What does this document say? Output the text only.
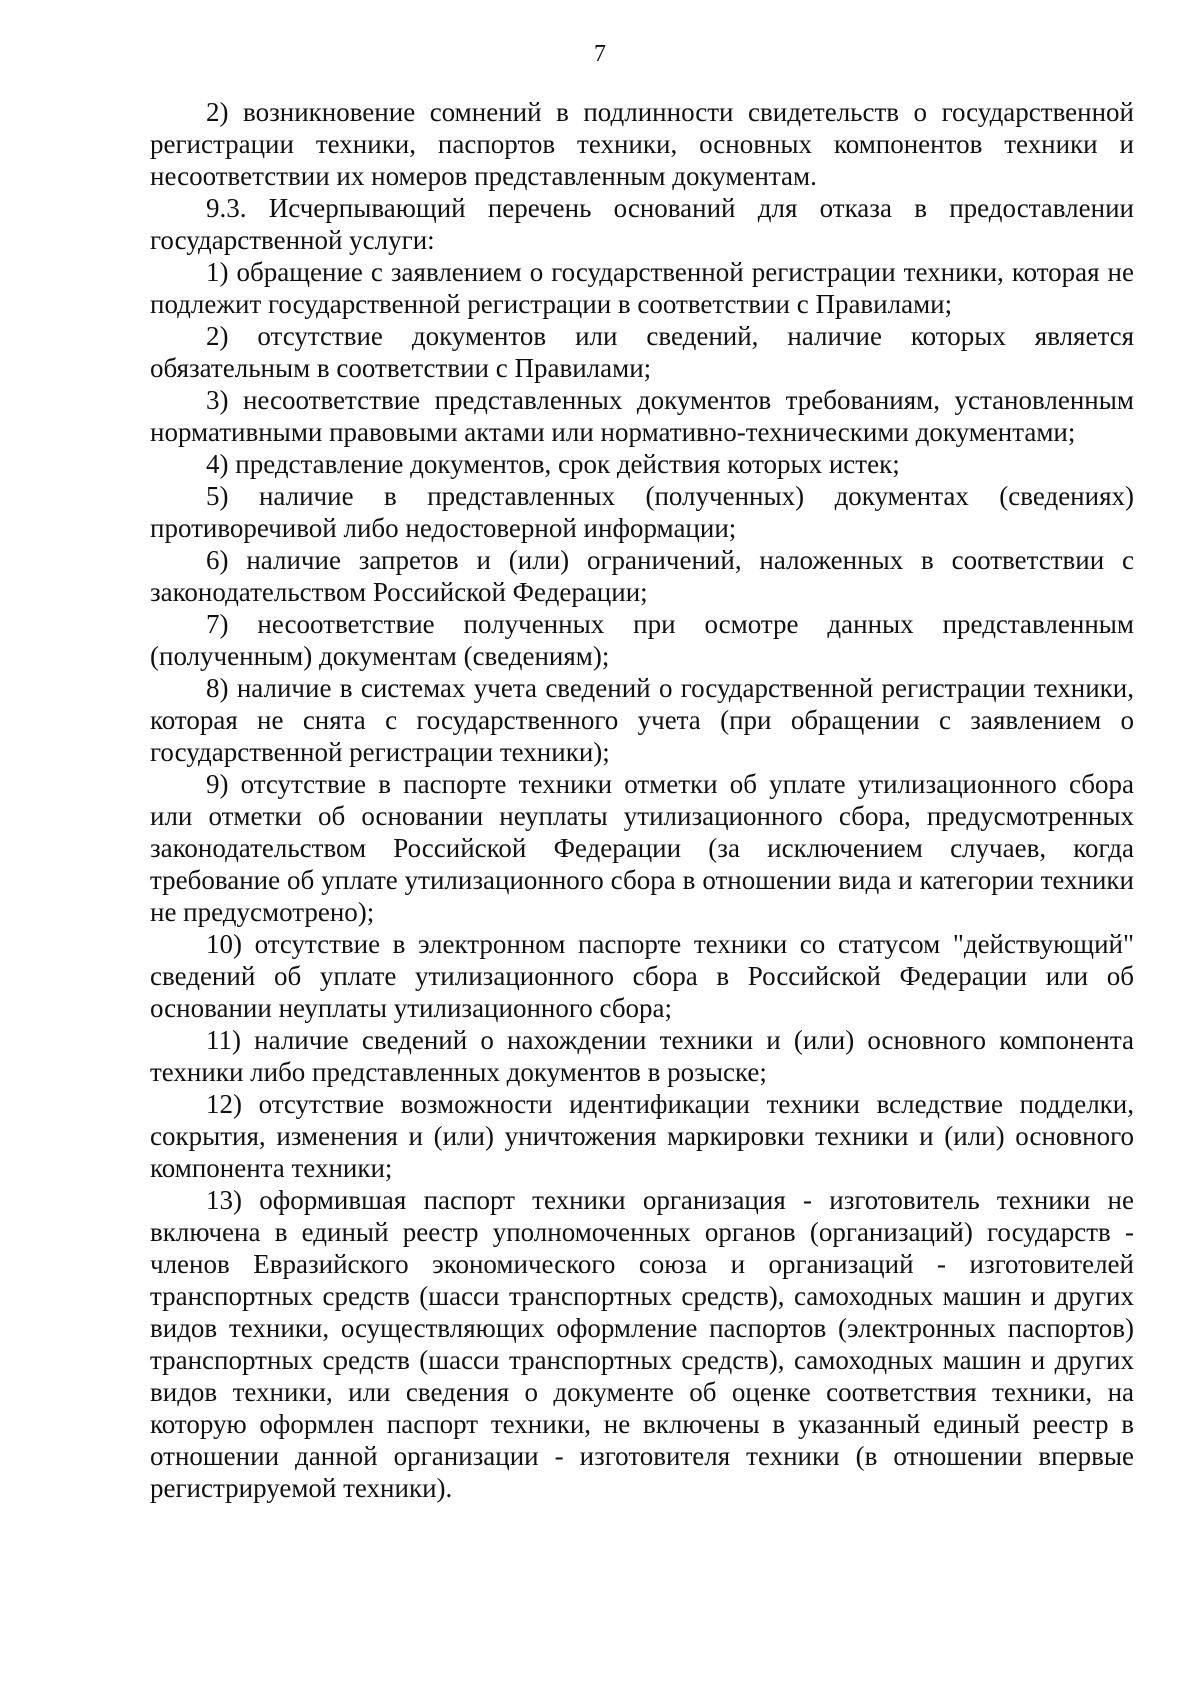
7

2) возникновение сомнений в подлинности свидетельств о государственной регистрации техники, паспортов техники, основных компонентов техники и несоответствии их номеров представленным документам.

9.3. Исчерпывающий перечень оснований для отказа в предоставлении государственной услуги:

1) обращение с заявлением о государственной регистрации техники, которая не подлежит государственной регистрации в соответствии с Правилами;

2) отсутствие документов или сведений, наличие которых является обязательным в соответствии с Правилами;

3) несоответствие представленных документов требованиям, установленным нормативными правовыми актами или нормативно-техническими документами;

4) представление документов, срок действия которых истек;

5) наличие в представленных (полученных) документах (сведениях) противоречивой либо недостоверной информации;

6) наличие запретов и (или) ограничений, наложенных в соответствии с законодательством Российской Федерации;

7) несоответствие полученных при осмотре данных представленным (полученным) документам (сведениям);

8) наличие в системах учета сведений о государственной регистрации техники, которая не снята с государственного учета (при обращении с заявлением о государственной регистрации техники);

9) отсутствие в паспорте техники отметки об уплате утилизационного сбора или отметки об основании неуплаты утилизационного сбора, предусмотренных законодательством Российской Федерации (за исключением случаев, когда требование об уплате утилизационного сбора в отношении вида и категории техники не предусмотрено);

10) отсутствие в электронном паспорте техники со статусом "действующий" сведений об уплате утилизационного сбора в Российской Федерации или об основании неуплаты утилизационного сбора;

11) наличие сведений о нахождении техники и (или) основного компонента техники либо представленных документов в розыске;

12) отсутствие возможности идентификации техники вследствие подделки, сокрытия, изменения и (или) уничтожения маркировки техники и (или) основного компонента техники;

13) оформившая паспорт техники организация - изготовитель техники не включена в единый реестр уполномоченных органов (организаций) государств - членов Евразийского экономического союза и организаций - изготовителей транспортных средств (шасси транспортных средств), самоходных машин и других видов техники, осуществляющих оформление паспортов (электронных паспортов) транспортных средств (шасси транспортных средств), самоходных машин и других видов техники, или сведения о документе об оценке соответствия техники, на которую оформлен паспорт техники, не включены в указанный единый реестр в отношении данной организации - изготовителя техники (в отношении впервые регистрируемой техники).
